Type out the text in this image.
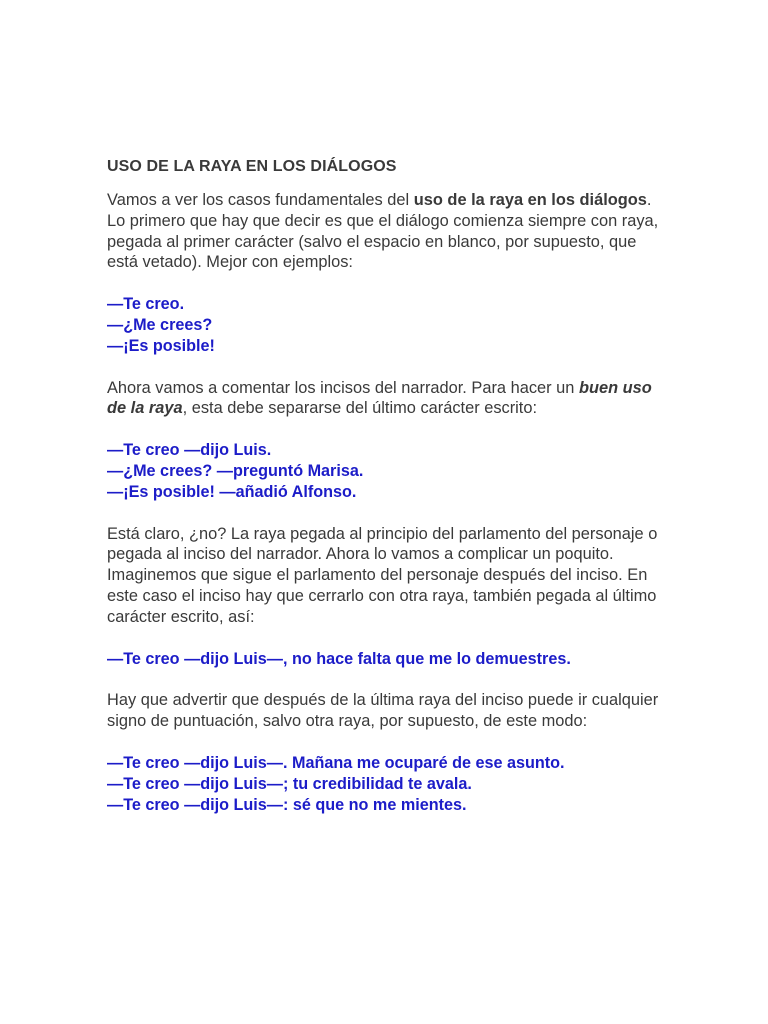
USO DE LA RAYA EN LOS DIÁLOGOS

Vamos a ver los casos fundamentales del uso de la raya en los diálogos. Lo primero que hay que decir es que el diálogo comienza siempre con raya, pegada al primer carácter (salvo el espacio en blanco, por supuesto, que está vetado). Mejor con ejemplos:

—Te creo.
—¿Me crees?
—¡Es posible!

Ahora vamos a comentar los incisos del narrador. Para hacer un buen uso de la raya, esta debe separarse del último carácter escrito:

—Te creo —dijo Luis.
—¿Me crees? —preguntó Marisa.
—¡Es posible! —añadió Alfonso.

Está claro, ¿no? La raya pegada al principio del parlamento del personaje o pegada al inciso del narrador. Ahora lo vamos a complicar un poquito. Imaginemos que sigue el parlamento del personaje después del inciso. En este caso el inciso hay que cerrarlo con otra raya, también pegada al último carácter escrito, así:

—Te creo —dijo Luis—, no hace falta que me lo demuestres.

Hay que advertir que después de la última raya del inciso puede ir cualquier signo de puntuación, salvo otra raya, por supuesto, de este modo:

—Te creo —dijo Luis—. Mañana me ocuparé de ese asunto.
—Te creo —dijo Luis—; tu credibilidad te avala.
—Te creo —dijo Luis—: sé que no me mientes.
